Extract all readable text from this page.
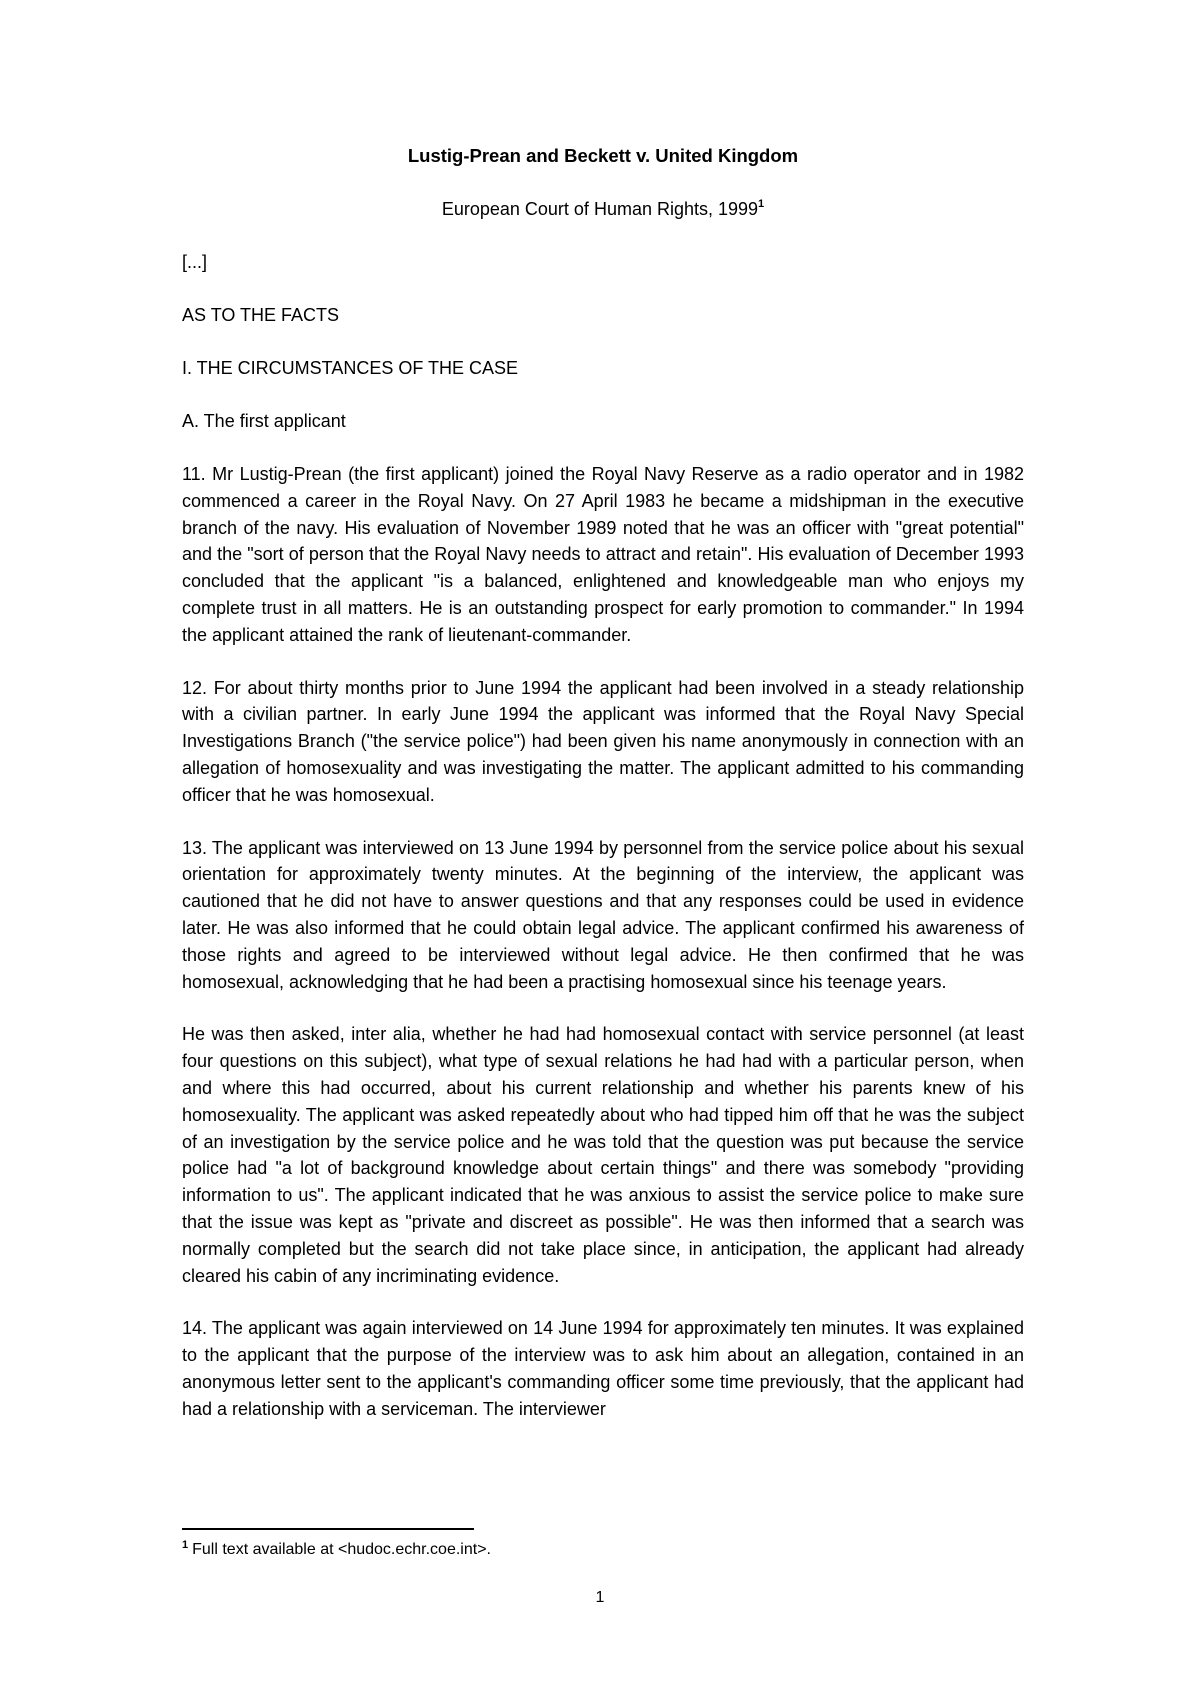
Lustig-Prean and Beckett v. United Kingdom

European Court of Human Rights, 1999$^1$

[...]

AS TO THE FACTS

I. THE CIRCUMSTANCES OF THE CASE

A. The first applicant

11. Mr Lustig-Prean (the first applicant) joined the Royal Navy Reserve as a radio operator and in 1982 commenced a career in the Royal Navy. On 27 April 1983 he became a midshipman in the executive branch of the navy. His evaluation of November 1989 noted that he was an officer with "great potential" and the "sort of person that the Royal Navy needs to attract and retain". His evaluation of December 1993 concluded that the applicant "is a balanced, enlightened and knowledgeable man who enjoys my complete trust in all matters. He is an outstanding prospect for early promotion to commander." In 1994 the applicant attained the rank of lieutenant-commander.

12. For about thirty months prior to June 1994 the applicant had been involved in a steady relationship with a civilian partner. In early June 1994 the applicant was informed that the Royal Navy Special Investigations Branch ("the service police") had been given his name anonymously in connection with an allegation of homosexuality and was investigating the matter. The applicant admitted to his commanding officer that he was homosexual.

13. The applicant was interviewed on 13 June 1994 by personnel from the service police about his sexual orientation for approximately twenty minutes. At the beginning of the interview, the applicant was cautioned that he did not have to answer questions and that any responses could be used in evidence later. He was also informed that he could obtain legal advice. The applicant confirmed his awareness of those rights and agreed to be interviewed without legal advice. He then confirmed that he was homosexual, acknowledging that he had been a practising homosexual since his teenage years.

He was then asked, inter alia, whether he had had homosexual contact with service personnel (at least four questions on this subject), what type of sexual relations he had had with a particular person, when and where this had occurred, about his current relationship and whether his parents knew of his homosexuality. The applicant was asked repeatedly about who had tipped him off that he was the subject of an investigation by the service police and he was told that the question was put because the service police had "a lot of background knowledge about certain things" and there was somebody "providing information to us". The applicant indicated that he was anxious to assist the service police to make sure that the issue was kept as "private and discreet as possible". He was then informed that a search was normally completed but the search did not take place since, in anticipation, the applicant had already cleared his cabin of any incriminating evidence.

14. The applicant was again interviewed on 14 June 1994 for approximately ten minutes. It was explained to the applicant that the purpose of the interview was to ask him about an allegation, contained in an anonymous letter sent to the applicant's commanding officer some time previously, that the applicant had had a relationship with a serviceman. The interviewer

$^1$ Full text available at <hudoc.echr.coe.int>.
1
